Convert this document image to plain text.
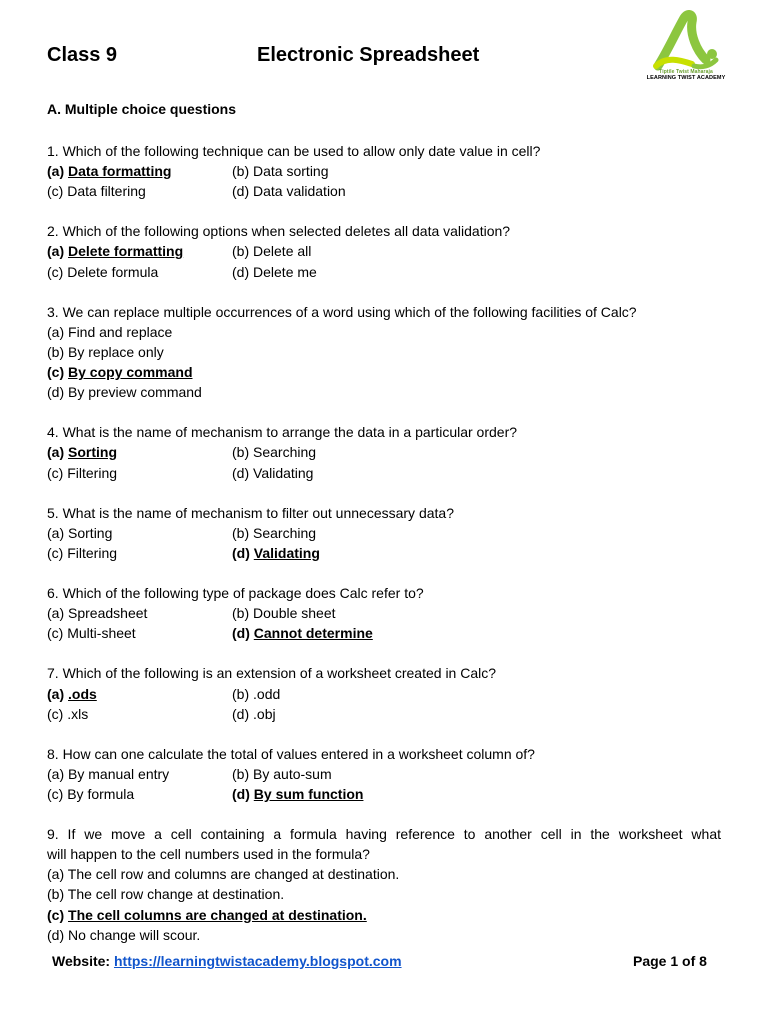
Class 9	Electronic Spreadsheet
Tiptile Twist Maharaja
LEARNING TWIST ACADEMY
A. Multiple choice questions
1. Which of the following technique can be used to allow only date value in cell?
(a) Data formatting	(b) Data sorting
(c) Data filtering	(d) Data validation
2. Which of the following options when selected deletes all data validation?
(a) Delete formatting	(b) Delete all
(c) Delete formula	(d) Delete me
3. We can replace multiple occurrences of a word using which of the following facilities of Calc?
(a) Find and replace
(b) By replace only
(c) By copy command
(d) By preview command
4. What is the name of mechanism to arrange the data in a particular order?
(a) Sorting	(b) Searching
(c) Filtering	(d) Validating
5. What is the name of mechanism to filter out unnecessary data?
(a) Sorting	(b) Searching
(c) Filtering	(d) Validating
6. Which of the following type of package does Calc refer to?
(a) Spreadsheet	(b) Double sheet
(c) Multi-sheet	(d) Cannot determine
7. Which of the following is an extension of a worksheet created in Calc?
(a) .ods	(b) .odd
(c) .xls	(d) .obj
8. How can one calculate the total of values entered in a worksheet column of?
(a) By manual entry	(b) By auto-sum
(c) By formula	(d) By sum function
9. If we move a cell containing a formula having reference to another cell in the worksheet what
will happen to the cell numbers used in the formula?
(a) The cell row and columns are changed at destination.
(b) The cell row change at destination.
(c) The cell columns are changed at destination.
(d) No change will scour.
Website: https://learningtwistacademy.blogspot.com	Page 1 of 8
